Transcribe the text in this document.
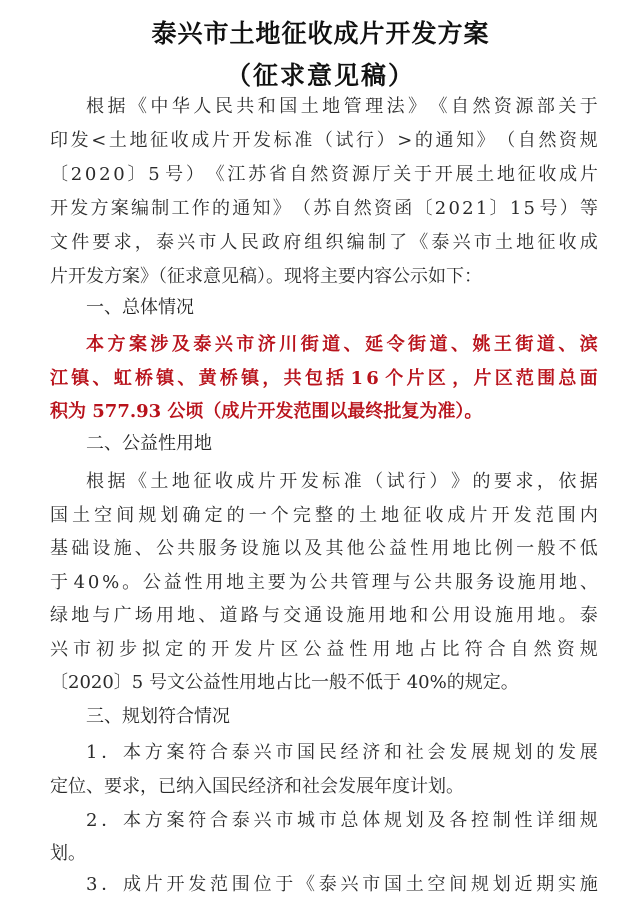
泰兴市土地征收成片开发方案
（征求意见稿）

根 据 《 中 华 人 民 共 和 国 土 地 管 理 法 》 《 自 然 资 源 部 关 于

印 发 < 土 地 征 收 成 片 开 发 标 准 （ 试 行 ） > 的 通 知 》 （ 自 然 资 规

〔 2 0 2 0 〕 5 号 ） 《 江 苏 省 自 然 资 源 厅 关 于 开 展 土 地 征 收 成 片

开 发 方 案 编 制 工 作 的 通 知 》 （ 苏 自 然 资 函 〔 2 0 2 1 〕 1 5 号 ） 等

文 件 要 求 ， 泰 兴 市 人 民 政 府 组 织 编 制 了 《 泰 兴 市 土 地 征 收 成

片开发方案》（征求意见稿）。现将主要内容公示如下：

一、总体情况

本 方 案 涉 及 泰 兴 市 济 川 街 道 、 延 令 街 道 、 姚 王 街 道 、 滨

江 镇 、 虹 桥 镇 、 黄 桥 镇 ， 共 包 括 1 6 个 片 区 ， 片 区 范 围 总 面

积为 577.93 公顷（成片开发范围以最终批复为准）。

二、公益性用地

根 据 《 土 地 征 收 成 片 开 发 标 准 （ 试 行 ） 》 的 要 求 ， 依 据

国 土 空 间 规 划 确 定 的 一 个 完 整 的 土 地 征 收 成 片 开 发 范 围 内

基 础 设 施 、 公 共 服 务 设 施 以 及 其 他 公 益 性 用 地 比 例 一 般 不 低

于 4 0 % 。 公 益 性 用 地 主 要 为 公 共 管 理 与 公 共 服 务 设 施 用 地 、

绿 地 与 广 场 用 地 、 道 路 与 交 通 设 施 用 地 和 公 用 设 施 用 地 。 泰

兴 市 初 步 拟 定 的 开 发 片 区 公 益 性 用 地 占 比 符 合 自 然 资 规

〔2020〕5 号文公益性用地占比一般不低于 40%的规定。

三、规划符合情况

1 ． 本 方 案 符 合 泰 兴 市 国 民 经 济 和 社 会 发 展 规 划 的 发 展

定位、要求，已纳入国民经济和社会发展年度计划。

2 ． 本 方 案 符 合 泰 兴 市 城 市 总 体 规 划 及 各 控 制 性 详 细 规

划。

3 ． 成 片 开 发 范 围 位 于 《 泰 兴 市 国 土 空 间 规 划 近 期 实 施
